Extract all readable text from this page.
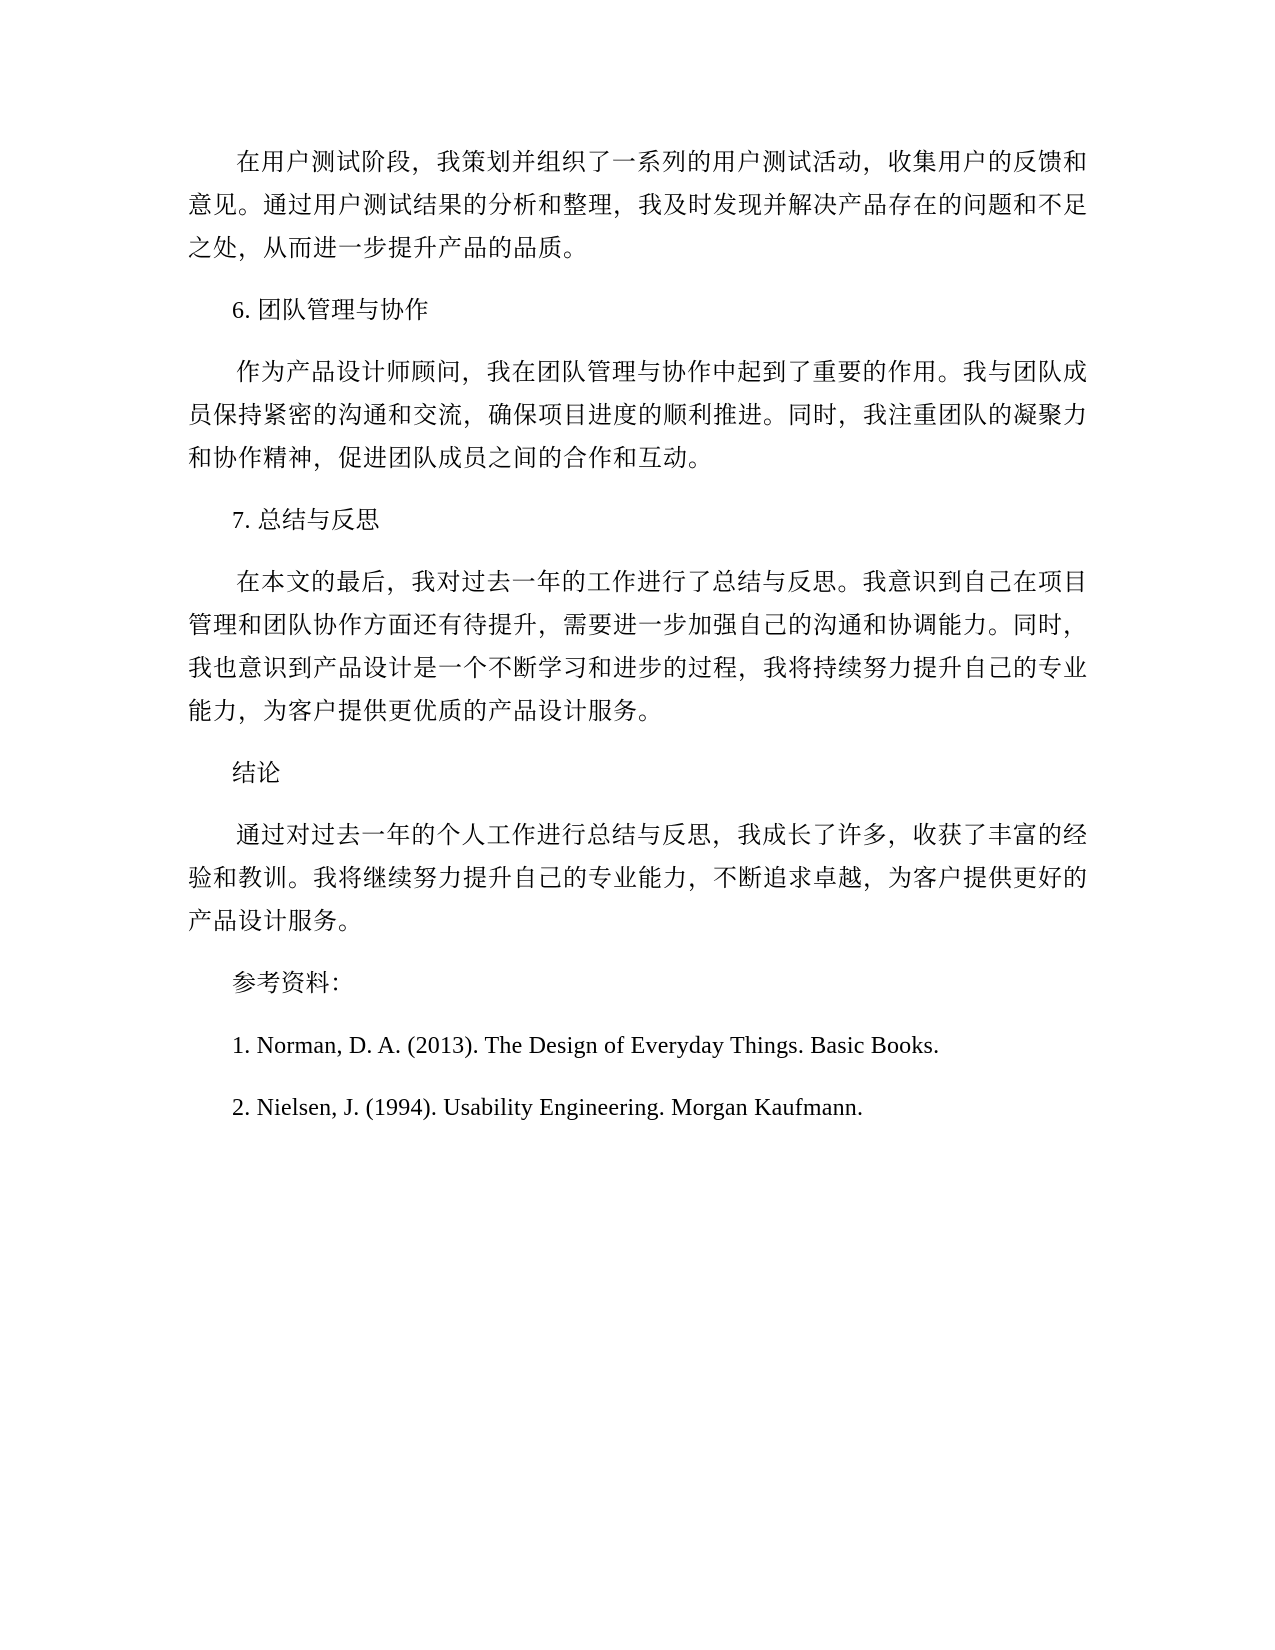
在用户测试阶段，我策划并组织了一系列的用户测试活动，收集用户的反馈和意见。通过用户测试结果的分析和整理，我及时发现并解决产品存在的问题和不足之处，从而进一步提升产品的品质。

6. 团队管理与协作

作为产品设计师顾问，我在团队管理与协作中起到了重要的作用。我与团队成员保持紧密的沟通和交流，确保项目进度的顺利推进。同时，我注重团队的凝聚力和协作精神，促进团队成员之间的合作和互动。

7. 总结与反思

在本文的最后，我对过去一年的工作进行了总结与反思。我意识到自己在项目管理和团队协作方面还有待提升，需要进一步加强自己的沟通和协调能力。同时，我也意识到产品设计是一个不断学习和进步的过程，我将持续努力提升自己的专业能力，为客户提供更优质的产品设计服务。

结论

通过对过去一年的个人工作进行总结与反思，我成长了许多，收获了丰富的经验和教训。我将继续努力提升自己的专业能力，不断追求卓越，为客户提供更好的产品设计服务。

参考资料：

1. Norman, D. A. (2013). The Design of Everyday Things. Basic Books.

2. Nielsen, J. (1994). Usability Engineering. Morgan Kaufmann.
